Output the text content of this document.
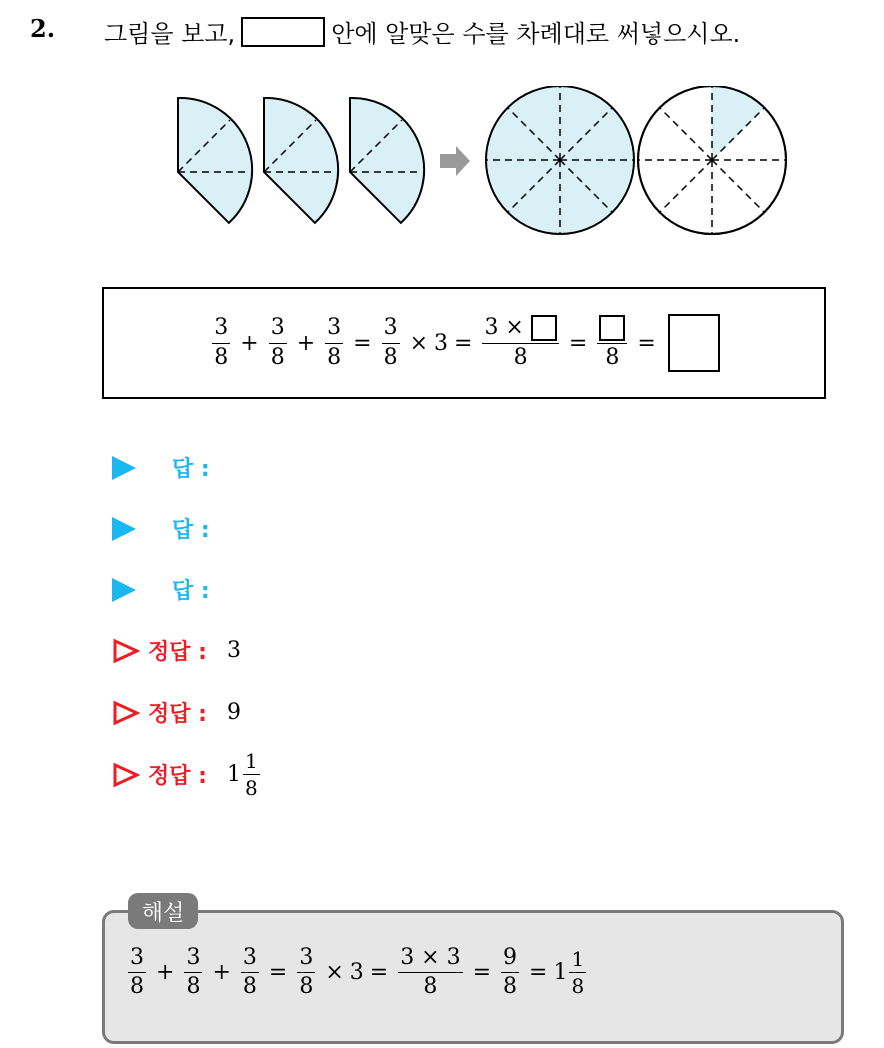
2. 그림을 보고,	안에 알맞은 수를 차례대로 써넣으시오.
$\frac{3}{8} + \frac{3}{8} + \frac{3}{8} = \frac{3}{8} \times 3 = \frac{3 \times}{8}$ =
8
=
답 :
답 :
답 :
정답 : 3
정답 : 9
정답 : $1 \frac{1}{8}$
해설
$\frac{3}{8} + \frac{3}{8} + \frac{3}{8} = \frac{3}{8} \times 3 = \frac{3 \times 3}{8} = \frac{9}{8} = 1 \frac{1}{8}$
